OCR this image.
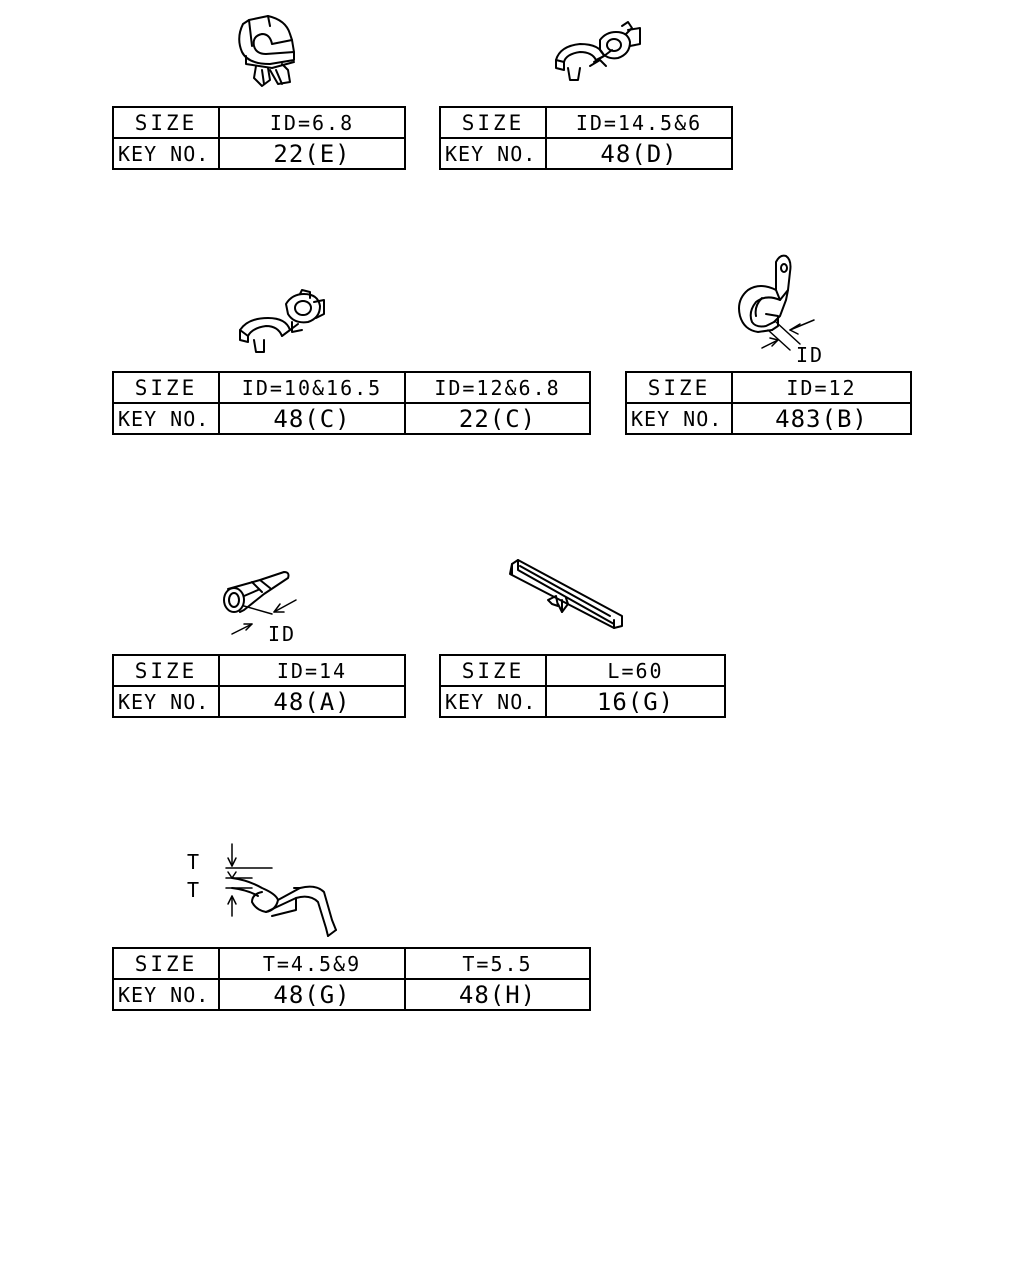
ID
ID
T
T
SIZE	ID=6.8
KEY NO.	22(E)
SIZE	ID=14.5&6
KEY NO.	48(D)
SIZE	ID=10&16.5	ID=12&6.8
KEY NO.	48(C)	22(C)
SIZE	ID=12
KEY NO.	483(B)
SIZE	ID=14
KEY NO.	48(A)
SIZE	L=60
KEY NO.	16(G)
SIZE	T=4.5&9	T=5.5
KEY NO.	48(G)	48(H)
